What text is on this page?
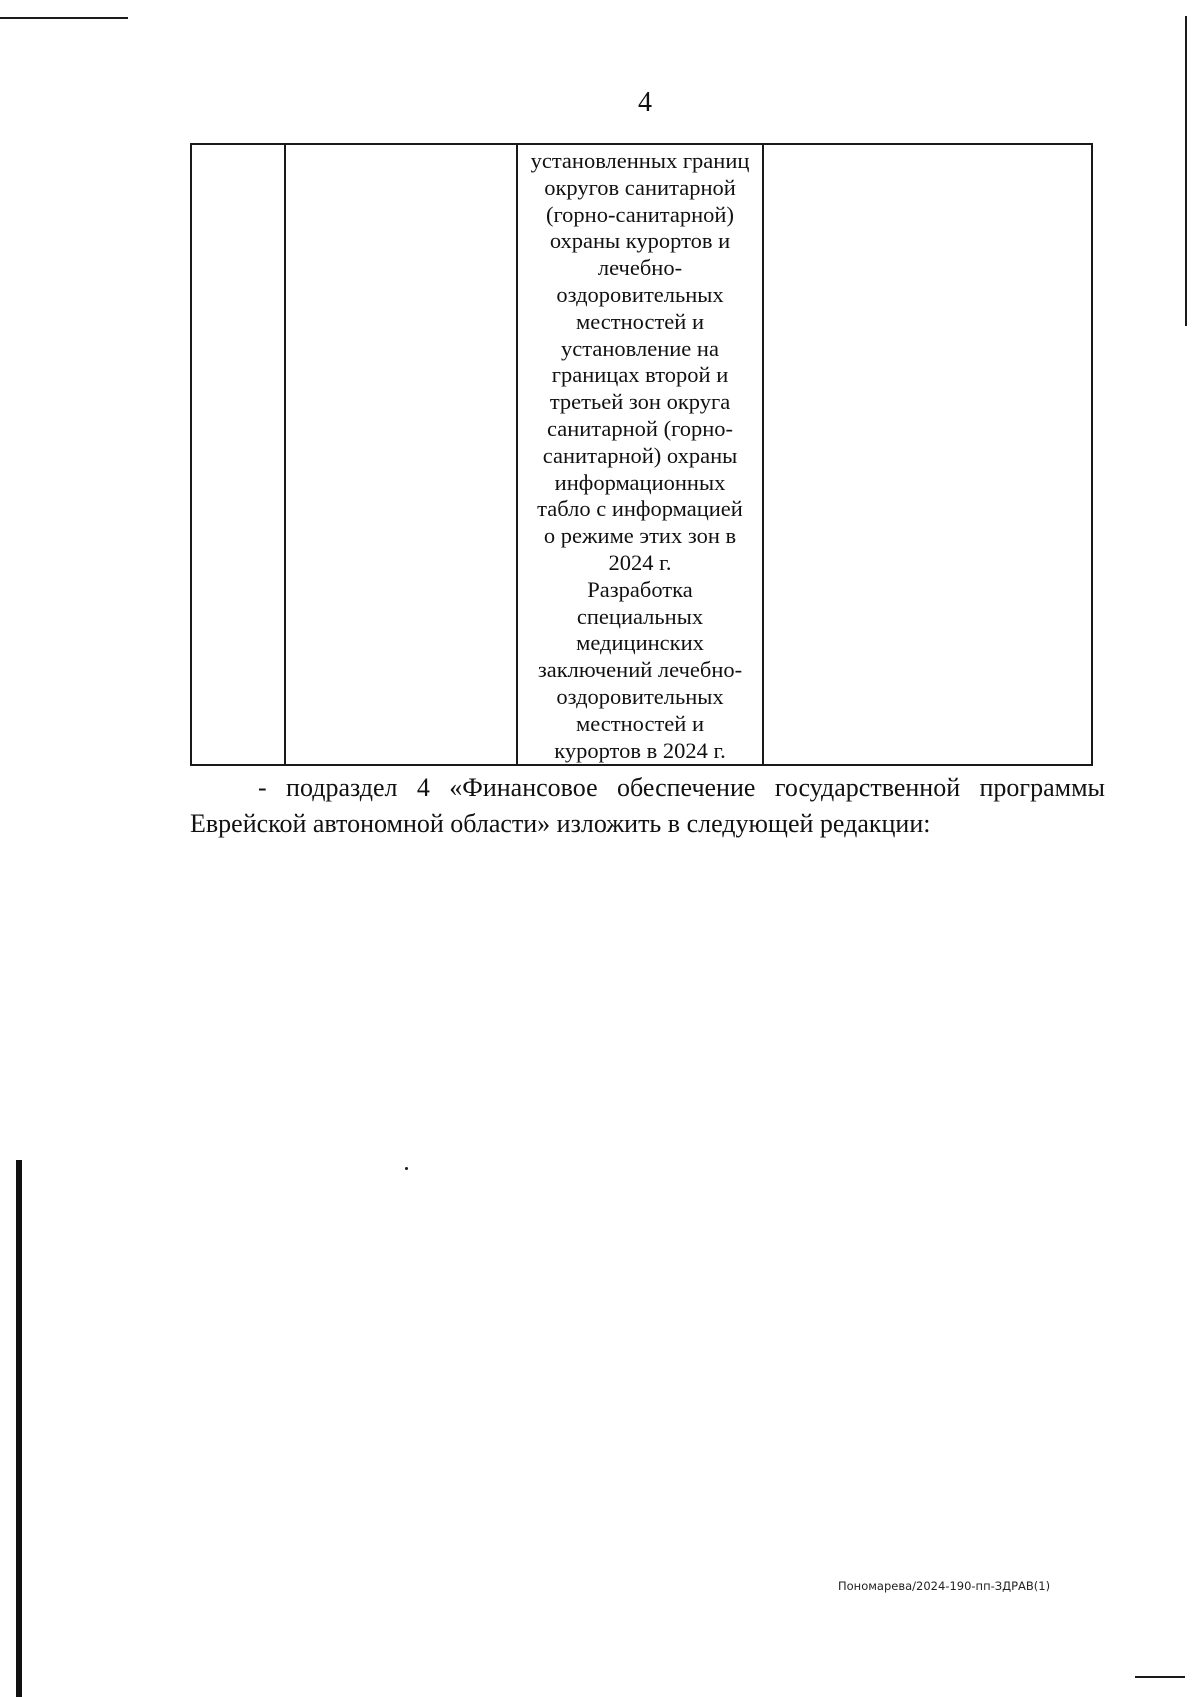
4

установленных границ
округов санитарной
(горно-санитарной)
охраны курортов и
лечебно-
оздоровительных
местностей и
установление на
границах второй и
третьей зон округа
санитарной (горно-
санитарной) охраны
информационных
табло с информацией
о режиме этих зон в
2024 г.
Разработка
специальных
медицинских
заключений лечебно-
оздоровительных
местностей и
курортов в 2024 г.

- подраздел 4 «Финансовое обеспечение государственной программы
Еврейской автономной области» изложить в следующей редакции:
Пономарева/2024-190-пп-ЗДРАВ(1)
